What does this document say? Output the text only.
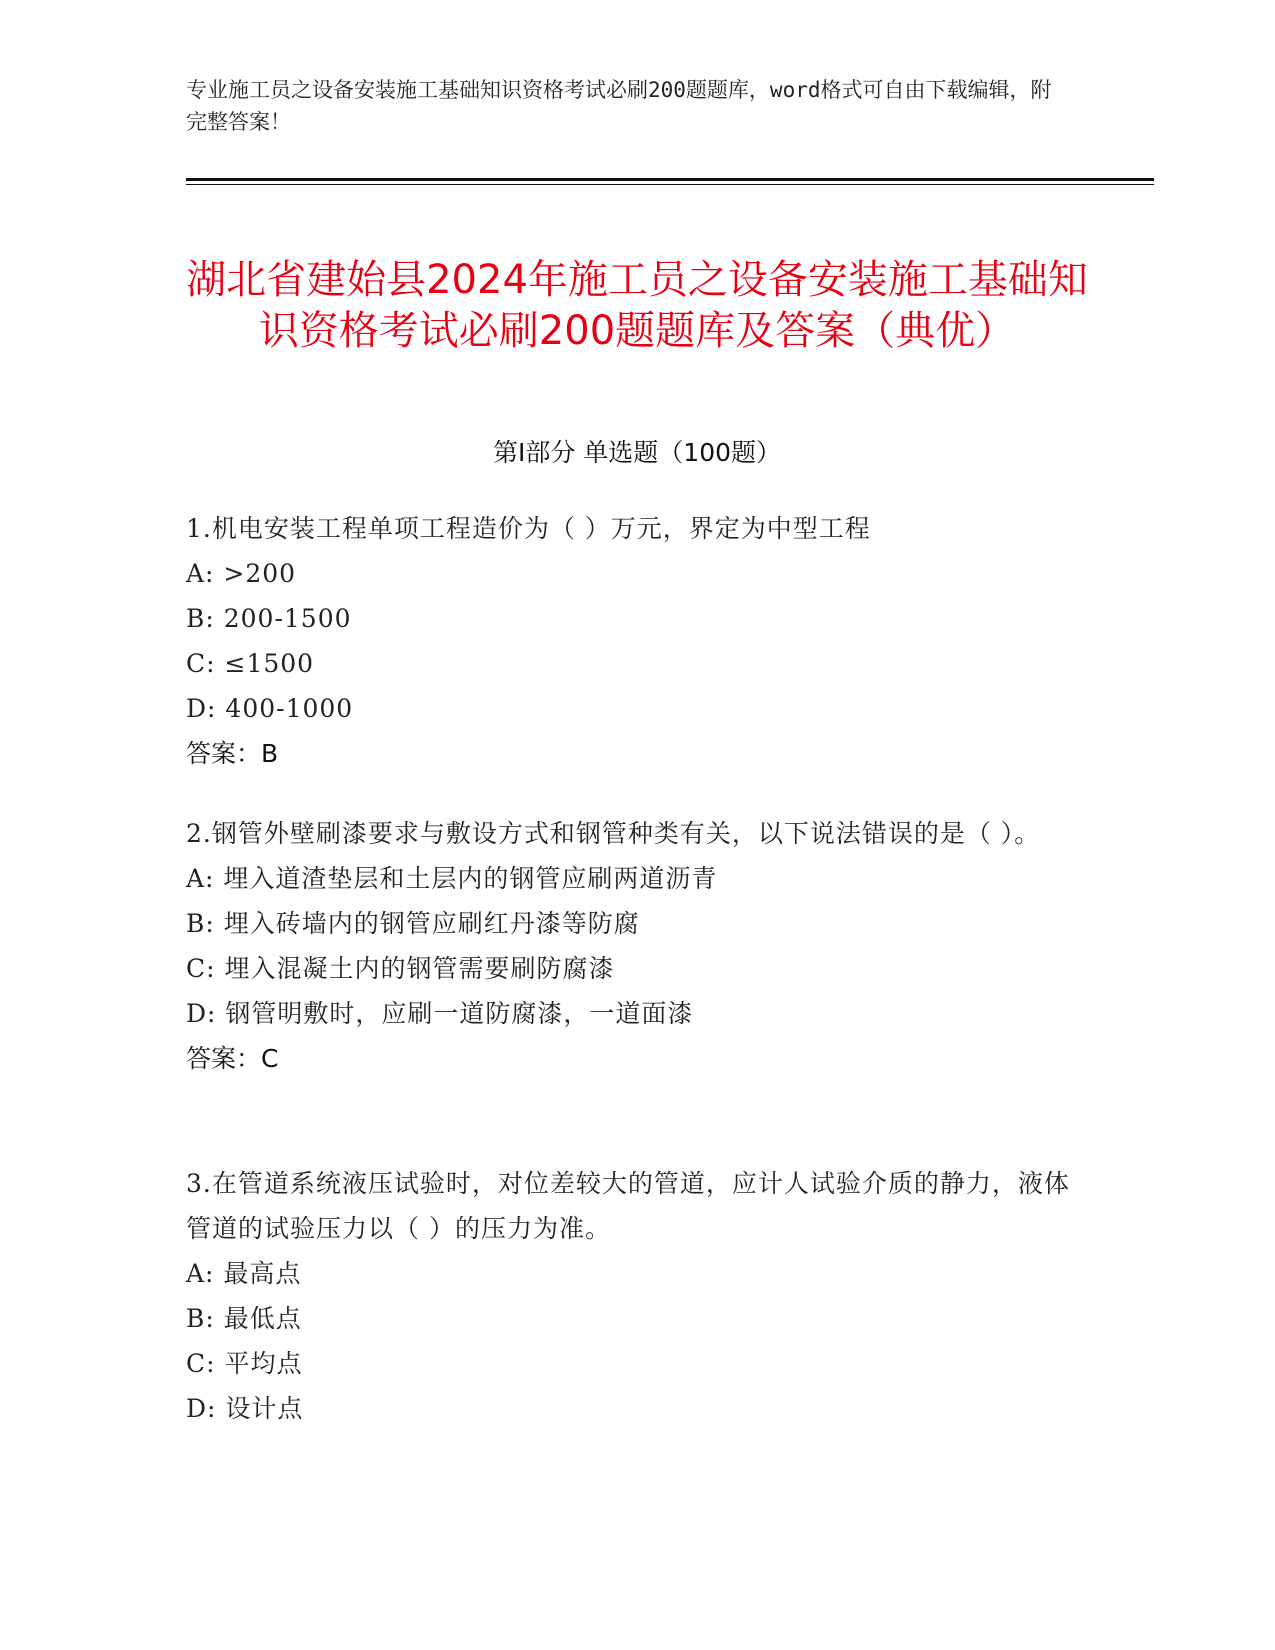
专业施工员之设备安装施工基础知识资格考试必刷200题题库，word格式可自由下载编辑，附完整答案！
湖北省建始县2024年施工员之设备安装施工基础知识资格考试必刷200题题库及答案（典优）
第Ⅰ部分 单选题（100题）
1.机电安装工程单项工程造价为（ ）万元，界定为中型工程
A: >200
B: 200-1500
C: ≤1500
D: 400-1000
答案：B
2.钢管外壁刷漆要求与敷设方式和钢管种类有关，以下说法错误的是（ ）。
A: 埋入道渣垫层和土层内的钢管应刷两道沥青
B: 埋入砖墙内的钢管应刷红丹漆等防腐
C: 埋入混凝土内的钢管需要刷防腐漆
D: 钢管明敷时，应刷一道防腐漆，一道面漆
答案：C
3.在管道系统液压试验时，对位差较大的管道，应计人试验介质的静力，液体管道的试验压力以（ ）的压力为准。
A: 最高点
B: 最低点
C: 平均点
D: 设计点
